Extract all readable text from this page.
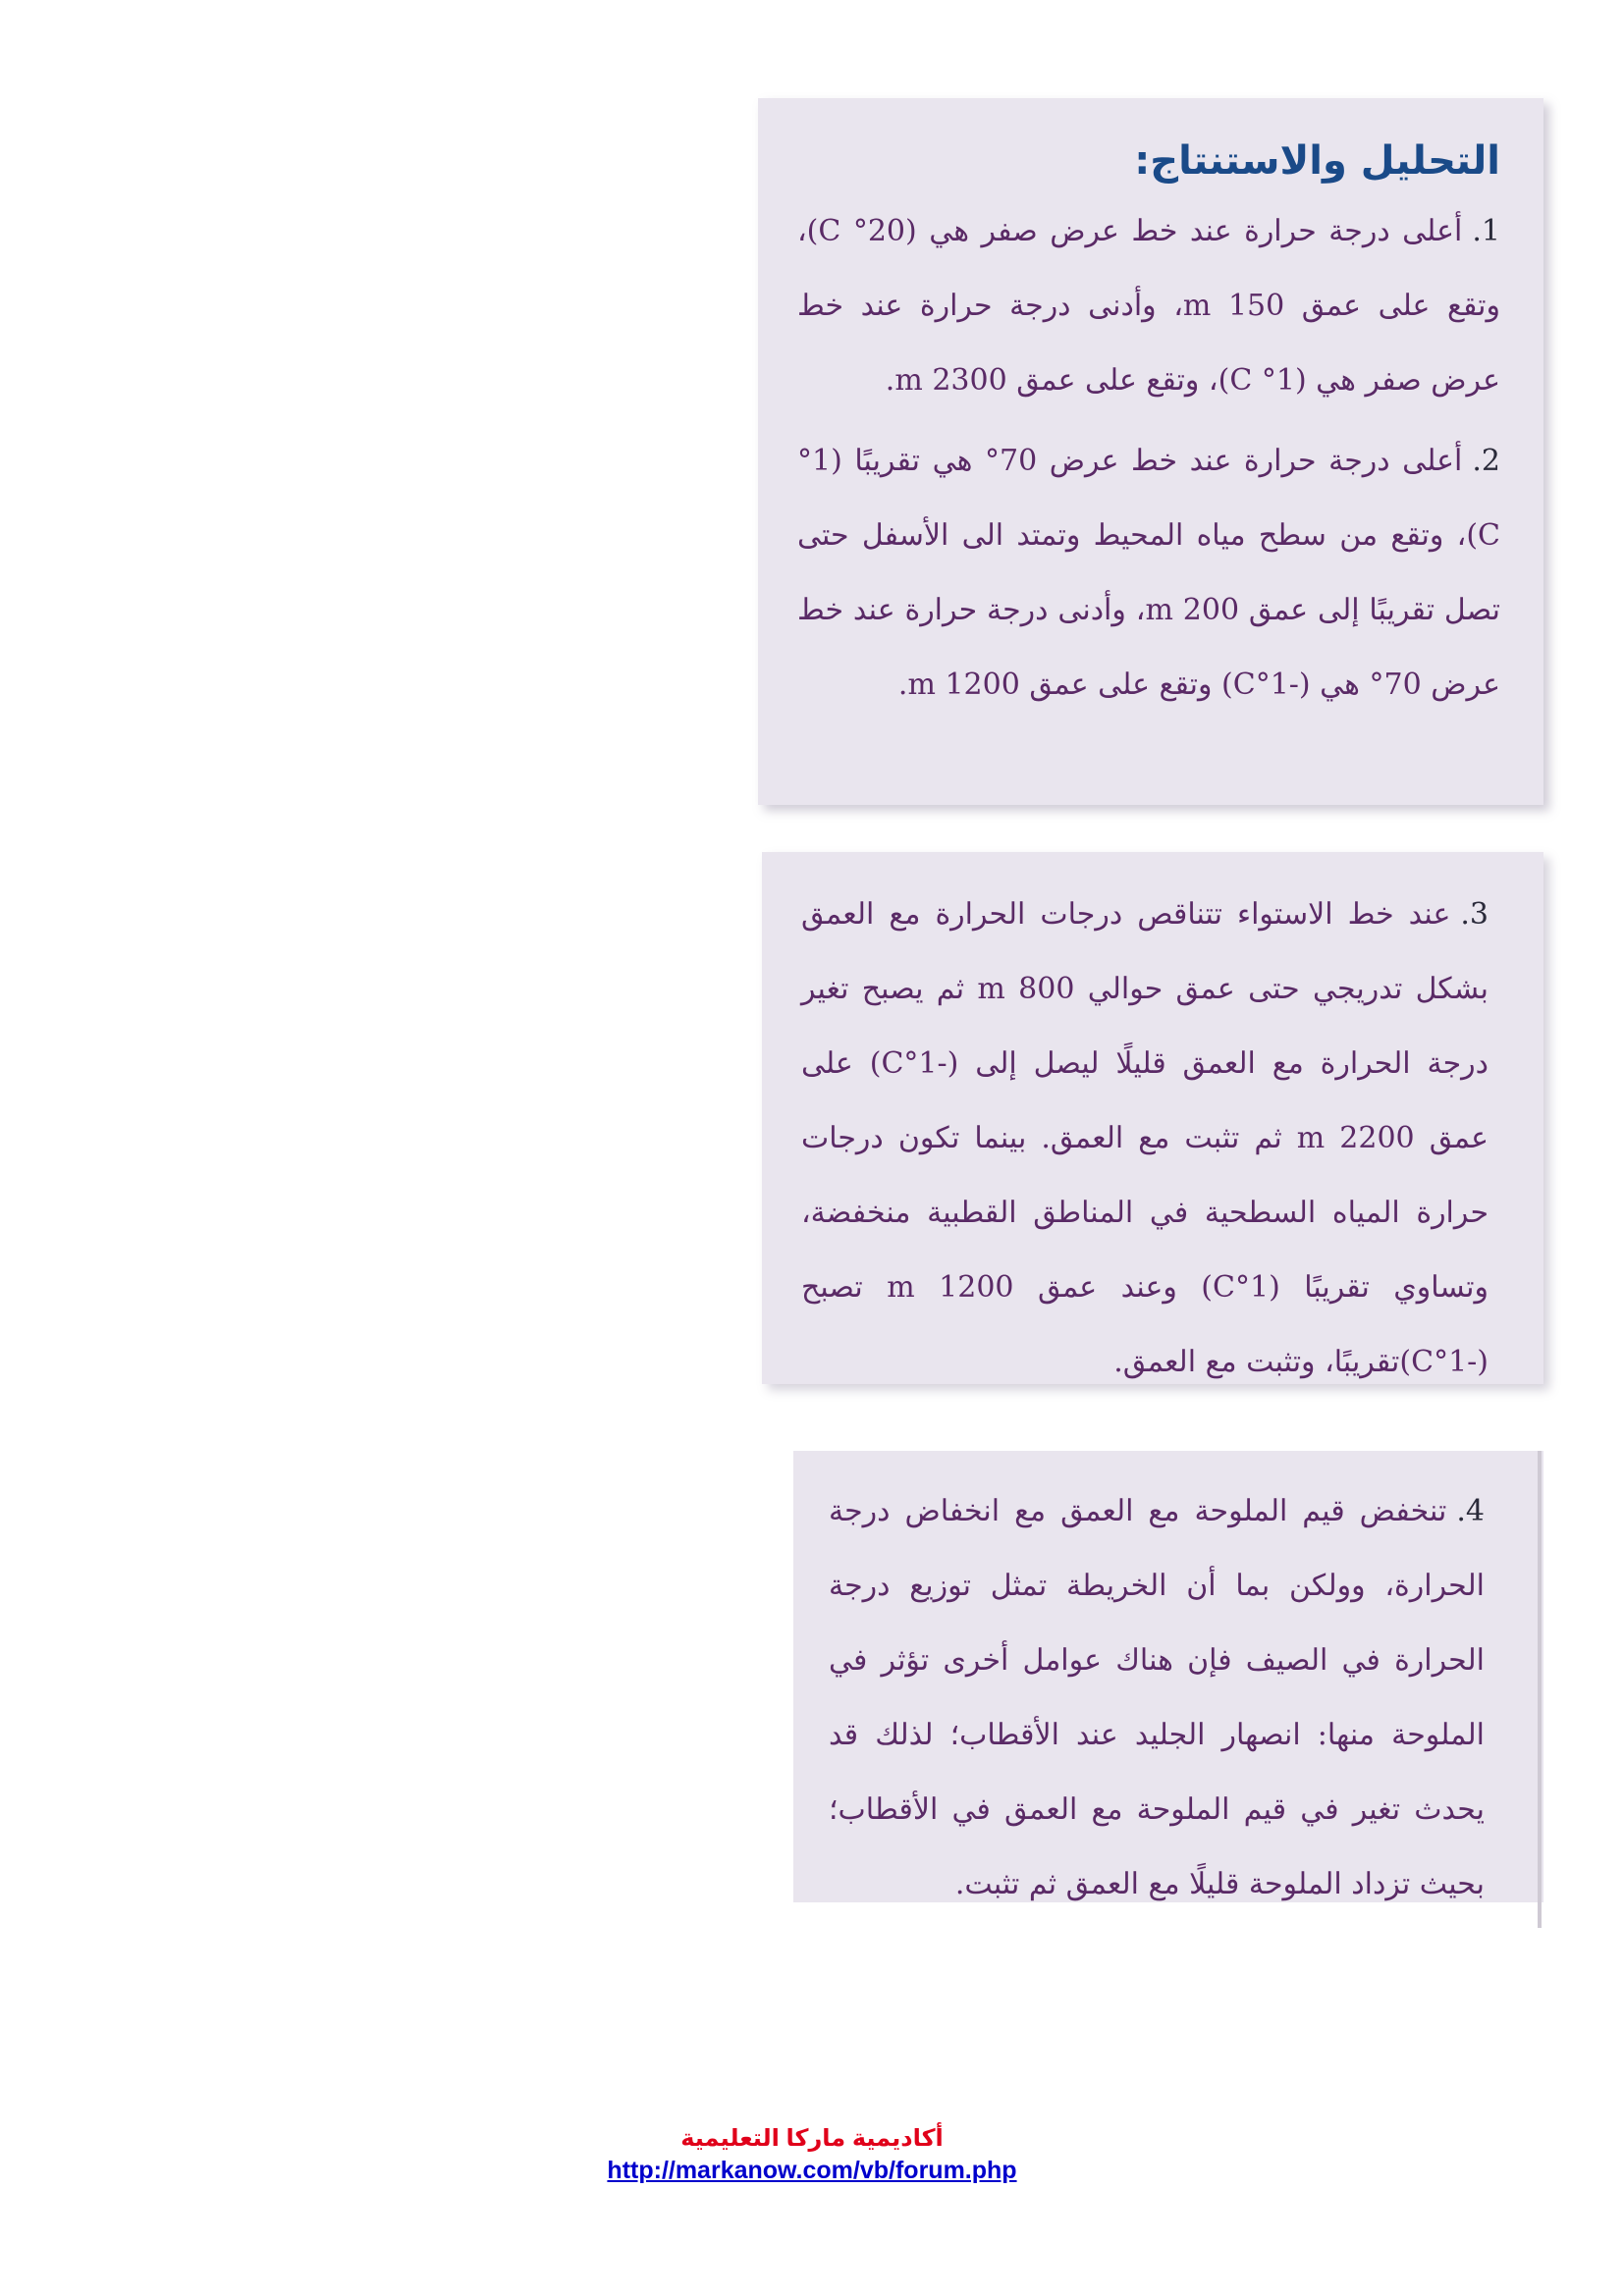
التحليل والاستنتاج:

1.أعلى درجة حرارة عند خط عرض صفر هي (20° C)، وتقع على عمق 150 m، وأدنى درجة حرارة عند خط عرض صفر هي (1° C)، وتقع على عمق 2300 m.

2.أعلى درجة حرارة عند خط عرض 70° هي تقريبًا (1° C)، وتقع من سطح مياه المحيط وتمتد الى الأسفل حتى تصل تقريبًا إلى عمق 200 m، وأدنى درجة حرارة عند خط عرض 70° هي (-1°C) وتقع على عمق 1200 m.

3.عند خط الاستواء تتناقص درجات الحرارة مع العمق بشكل تدريجي حتى عمق حوالي 800 m ثم يصبح تغير درجة الحرارة مع العمق قليلًا ليصل إلى (-1°C) على عمق 2200 m ثم تثبت مع العمق. بينما تكون درجات حرارة المياه السطحية في المناطق القطبية منخفضة، وتساوي تقريبًا (1°C) وعند عمق 1200 m تصبح (-1°C)تقريبًا، وتثبت مع العمق.

4.تنخفض قيم الملوحة مع العمق مع انخفاض درجة الحرارة، وولكن بما أن الخريطة تمثل توزيع درجة الحرارة في الصيف فإن هناك عوامل أخرى تؤثر في الملوحة منها: انصهار الجليد عند الأقطاب؛ لذلك قد يحدث تغير في قيم الملوحة مع العمق في الأقطاب؛ بحيث تزداد الملوحة قليلًا مع العمق ثم تثبت.

أكاديمية ماركا التعليمية
http://markanow.com/vb/forum.php
